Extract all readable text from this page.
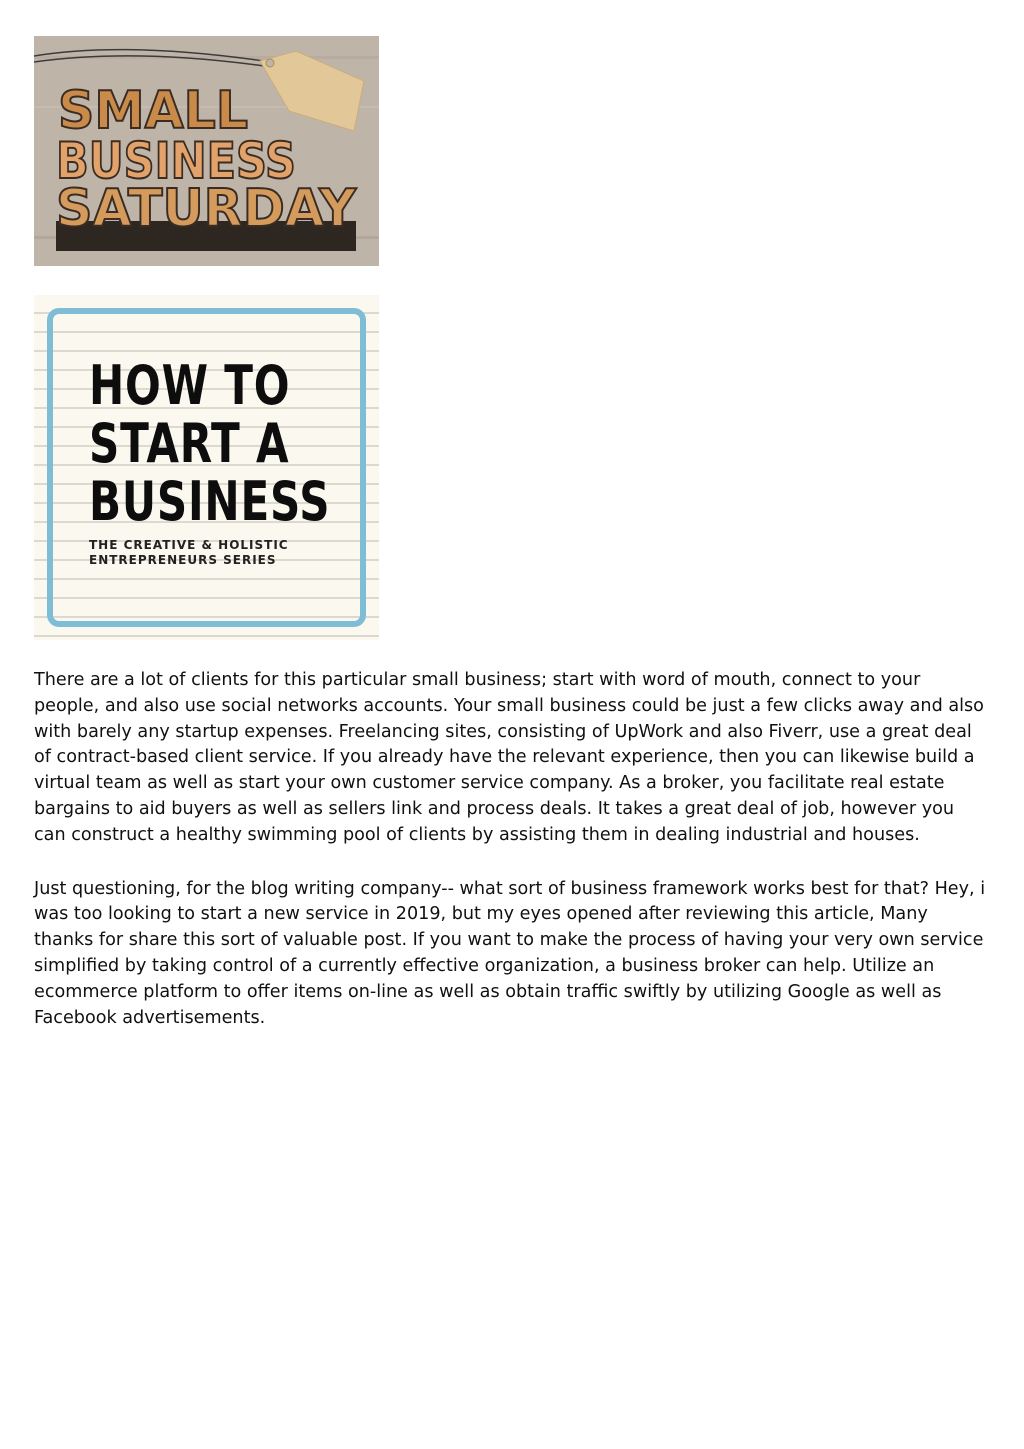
SMALL
BUSINESS
SATURDAY
HOW TO
START A
BUSINESS
THE CREATIVE & HOLISTIC
ENTREPRENEURS SERIES

There are a lot of clients for this particular small business; start with word of mouth, connect to your people, and also use social networks accounts. Your small business could be just a few clicks away and also with barely any startup expenses. Freelancing sites, consisting of UpWork and also Fiverr, use a great deal of contract-based client service. If you already have the relevant experience, then you can likewise build a virtual team as well as start your own customer service company. As a broker, you facilitate real estate bargains to aid buyers as well as sellers link and process deals. It takes a great deal of job, however you can construct a healthy swimming pool of clients by assisting them in dealing industrial and houses.

Just questioning, for the blog writing company-- what sort of business framework works best for that? Hey, i was too looking to start a new service in 2019, but my eyes opened after reviewing this article, Many thanks for share this sort of valuable post. If you want to make the process of having your very own service simplified by taking control of a currently effective organization, a business broker can help. Utilize an ecommerce platform to offer items on-line as well as obtain traffic swiftly by utilizing Google as well as Facebook advertisements.
